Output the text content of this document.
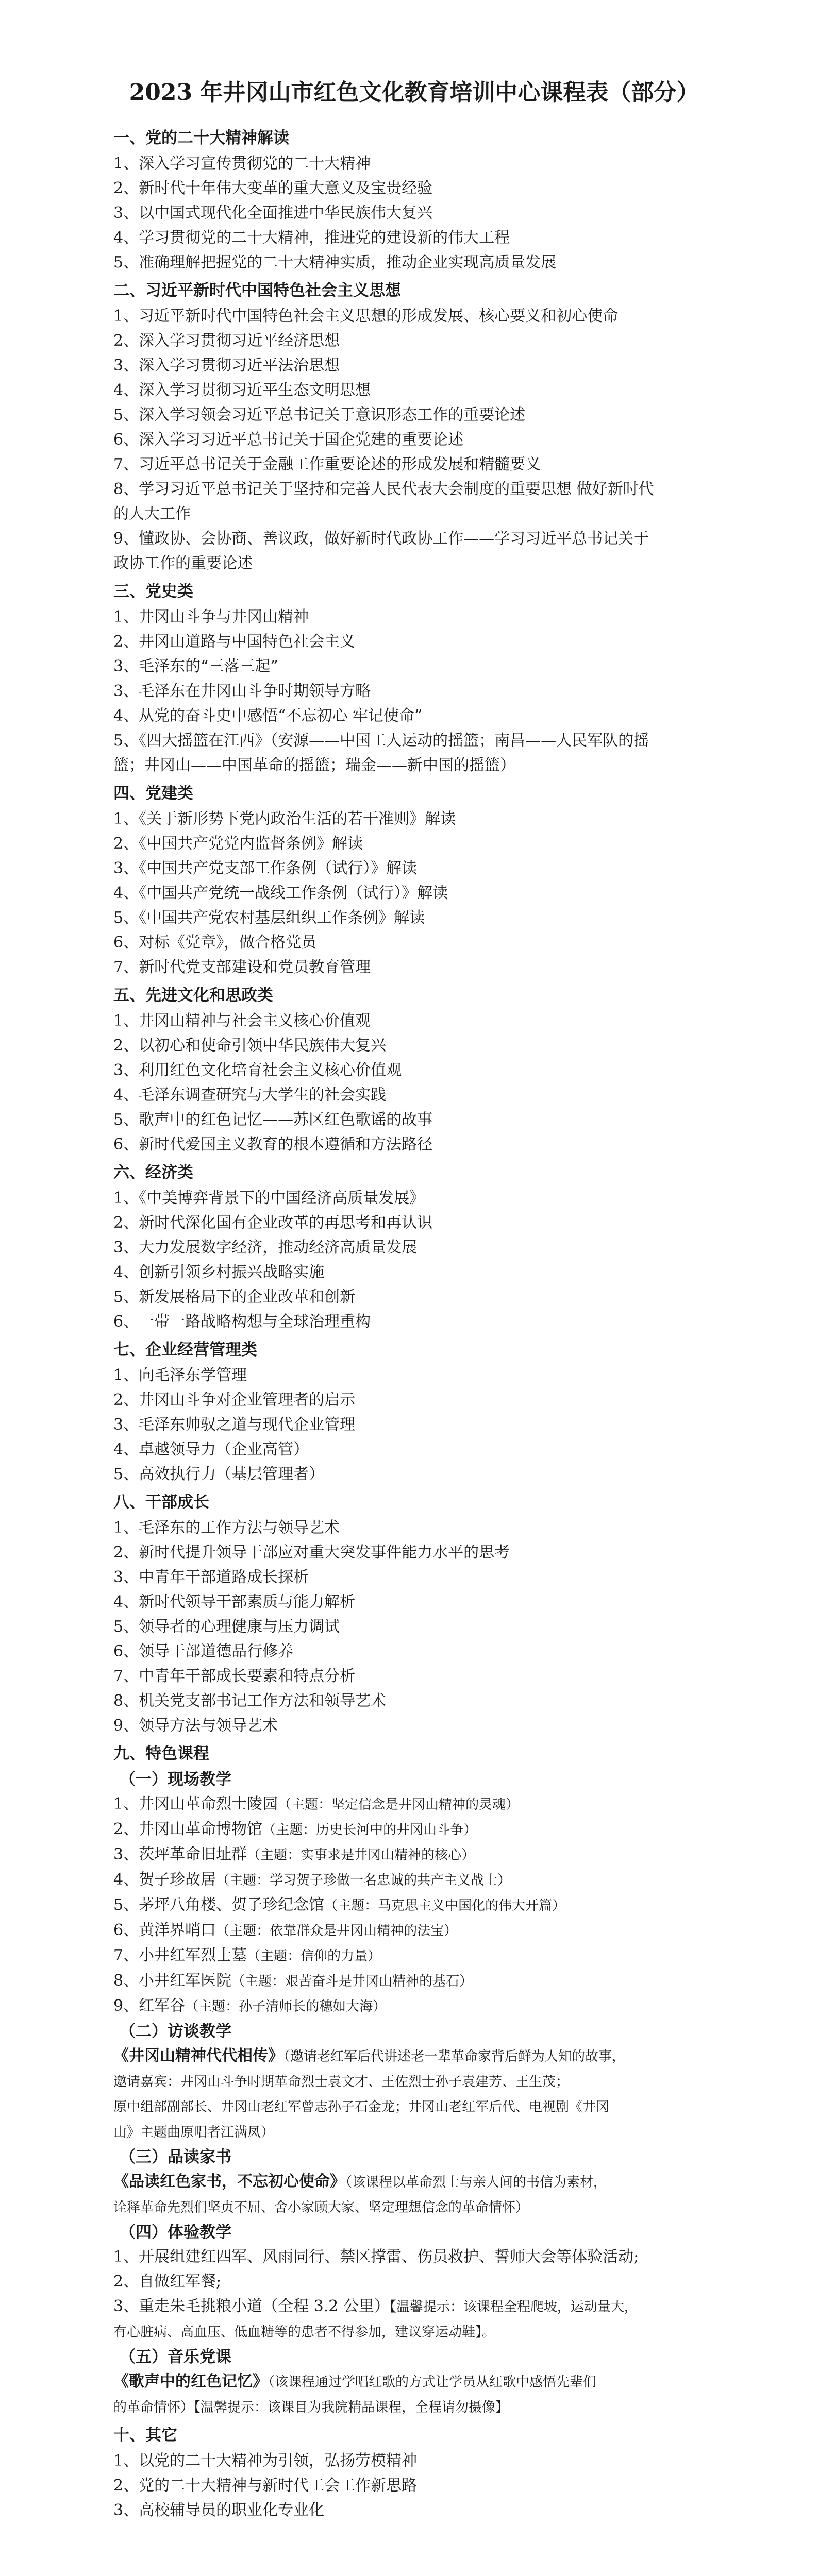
2023 年井冈山市红色文化教育培训中心课程表（部分）
一、党的二十大精神解读
1、深入学习宣传贯彻党的二十大精神
2、新时代十年伟大变革的重大意义及宝贵经验
3、以中国式现代化全面推进中华民族伟大复兴
4、学习贯彻党的二十大精神，推进党的建设新的伟大工程
5、准确理解把握党的二十大精神实质，推动企业实现高质量发展
二、习近平新时代中国特色社会主义思想
1、习近平新时代中国特色社会主义思想的形成发展、核心要义和初心使命
2、深入学习贯彻习近平经济思想
3、深入学习贯彻习近平法治思想
4、深入学习贯彻习近平生态文明思想
5、深入学习领会习近平总书记关于意识形态工作的重要论述
6、深入学习习近平总书记关于国企党建的重要论述
7、习近平总书记关于金融工作重要论述的形成发展和精髓要义
8、学习习近平总书记关于坚持和完善人民代表大会制度的重要思想 做好新时代
的人大工作
9、懂政协、会协商、善议政，做好新时代政协工作——学习习近平总书记关于
政协工作的重要论述
三、党史类
1、井冈山斗争与井冈山精神
2、井冈山道路与中国特色社会主义
3、毛泽东的“三落三起”
3、毛泽东在井冈山斗争时期领导方略
4、从党的奋斗史中感悟“不忘初心 牢记使命”
5、《四大摇篮在江西》（安源——中国工人运动的摇篮；南昌——人民军队的摇
篮；井冈山——中国革命的摇篮；瑞金——新中国的摇篮）
四、党建类
1、《关于新形势下党内政治生活的若干准则》解读
2、《中国共产党党内监督条例》解读
3、《中国共产党支部工作条例（试行）》解读
4、《中国共产党统一战线工作条例（试行）》解读
5、《中国共产党农村基层组织工作条例》解读
6、对标《党章》，做合格党员
7、新时代党支部建设和党员教育管理
五、先进文化和思政类
1、井冈山精神与社会主义核心价值观
2、以初心和使命引领中华民族伟大复兴
3、利用红色文化培育社会主义核心价值观
4、毛泽东调查研究与大学生的社会实践
5、歌声中的红色记忆——苏区红色歌谣的故事
6、新时代爱国主义教育的根本遵循和方法路径
六、经济类
1、《中美博弈背景下的中国经济高质量发展》
2、新时代深化国有企业改革的再思考和再认识
3、大力发展数字经济，推动经济高质量发展
4、创新引领乡村振兴战略实施
5、新发展格局下的企业改革和创新
6、一带一路战略构想与全球治理重构
七、企业经营管理类
1、向毛泽东学管理
2、井冈山斗争对企业管理者的启示
3、毛泽东帅驭之道与现代企业管理
4、卓越领导力（企业高管）
5、高效执行力（基层管理者）
八、干部成长
1、毛泽东的工作方法与领导艺术
2、新时代提升领导干部应对重大突发事件能力水平的思考
3、中青年干部道路成长探析
4、新时代领导干部素质与能力解析
5、领导者的心理健康与压力调试
6、领导干部道德品行修养
7、中青年干部成长要素和特点分析
8、机关党支部书记工作方法和领导艺术
9、领导方法与领导艺术
九、特色课程
（一）现场教学
1、井冈山革命烈士陵园（主题：坚定信念是井冈山精神的灵魂）
2、井冈山革命博物馆（主题：历史长河中的井冈山斗争）
3、茨坪革命旧址群（主题：实事求是井冈山精神的核心）
4、贺子珍故居（主题：学习贺子珍做一名忠诚的共产主义战士）
5、茅坪八角楼、贺子珍纪念馆（主题：马克思主义中国化的伟大开篇）
6、黄洋界哨口（主题：依靠群众是井冈山精神的法宝）
7、小井红军烈士墓（主题：信仰的力量）
8、小井红军医院（主题：艰苦奋斗是井冈山精神的基石）
9、红军谷（主题：孙子清师长的穗如大海）
（二）访谈教学
《井冈山精神代代相传》（邀请老红军后代讲述老一辈革命家背后鲜为人知的故事，
邀请嘉宾：井冈山斗争时期革命烈士袁文才、王佐烈士孙子袁建芳、王生茂；
原中组部副部长、井冈山老红军曾志孙子石金龙；井冈山老红军后代、电视剧《井冈
山》主题曲原唱者江满凤）
（三）品读家书
《品读红色家书，不忘初心使命》（该课程以革命烈士与亲人间的书信为素材，
诠释革命先烈们坚贞不屈、舍小家顾大家、坚定理想信念的革命情怀）
（四）体验教学
1、开展组建红四军、风雨同行、禁区撑雷、伤员救护、誓师大会等体验活动;
2、自做红军餐;
3、重走朱毛挑粮小道（全程 3.2 公里）【温馨提示：该课程全程爬坡，运动量大，
有心脏病、高血压、低血糖等的患者不得参加，建议穿运动鞋】。
（五）音乐党课
《歌声中的红色记忆》（该课程通过学唱红歌的方式让学员从红歌中感悟先辈们
的革命情怀）【温馨提示：该课目为我院精品课程，全程请勿摄像】
十、其它
1、以党的二十大精神为引领，弘扬劳模精神
2、党的二十大精神与新时代工会工作新思路
3、高校辅导员的职业化专业化
